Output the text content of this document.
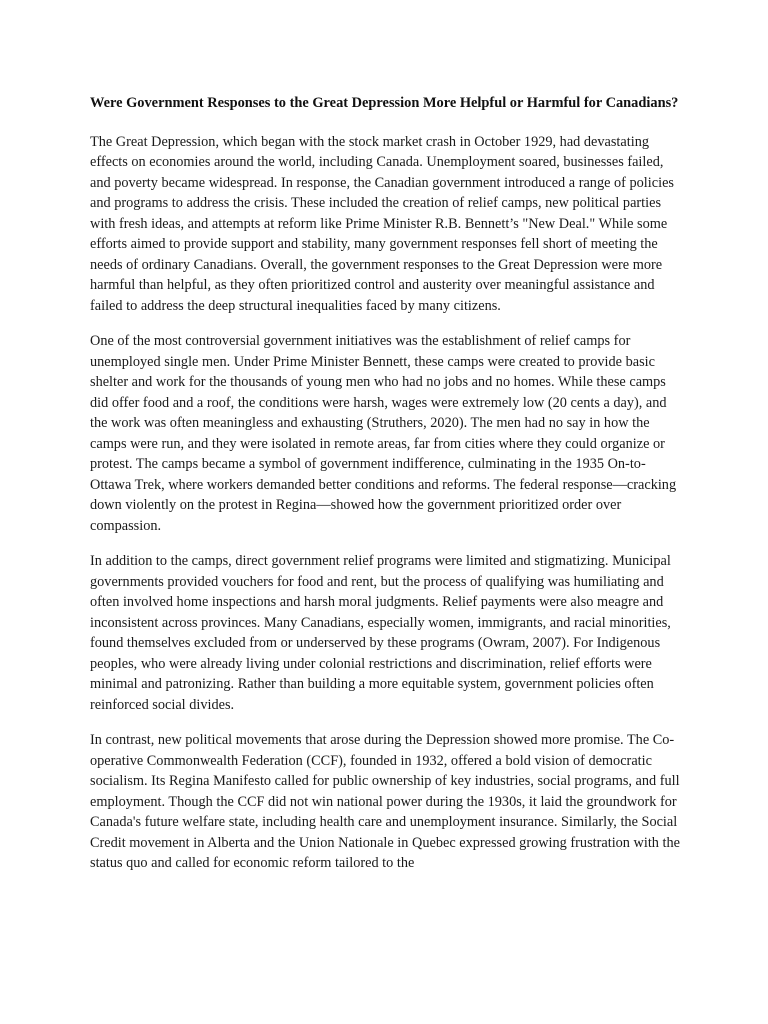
Were Government Responses to the Great Depression More Helpful or Harmful for Canadians?

The Great Depression, which began with the stock market crash in October 1929, had devastating effects on economies around the world, including Canada. Unemployment soared, businesses failed, and poverty became widespread. In response, the Canadian government introduced a range of policies and programs to address the crisis. These included the creation of relief camps, new political parties with fresh ideas, and attempts at reform like Prime Minister R.B. Bennett’s "New Deal." While some efforts aimed to provide support and stability, many government responses fell short of meeting the needs of ordinary Canadians. Overall, the government responses to the Great Depression were more harmful than helpful, as they often prioritized control and austerity over meaningful assistance and failed to address the deep structural inequalities faced by many citizens.

One of the most controversial government initiatives was the establishment of relief camps for unemployed single men. Under Prime Minister Bennett, these camps were created to provide basic shelter and work for the thousands of young men who had no jobs and no homes. While these camps did offer food and a roof, the conditions were harsh, wages were extremely low (20 cents a day), and the work was often meaningless and exhausting (Struthers, 2020). The men had no say in how the camps were run, and they were isolated in remote areas, far from cities where they could organize or protest. The camps became a symbol of government indifference, culminating in the 1935 On-to-Ottawa Trek, where workers demanded better conditions and reforms. The federal response—cracking down violently on the protest in Regina—showed how the government prioritized order over compassion.

In addition to the camps, direct government relief programs were limited and stigmatizing. Municipal governments provided vouchers for food and rent, but the process of qualifying was humiliating and often involved home inspections and harsh moral judgments. Relief payments were also meagre and inconsistent across provinces. Many Canadians, especially women, immigrants, and racial minorities, found themselves excluded from or underserved by these programs (Owram, 2007). For Indigenous peoples, who were already living under colonial restrictions and discrimination, relief efforts were minimal and patronizing. Rather than building a more equitable system, government policies often reinforced social divides.

In contrast, new political movements that arose during the Depression showed more promise. The Co-operative Commonwealth Federation (CCF), founded in 1932, offered a bold vision of democratic socialism. Its Regina Manifesto called for public ownership of key industries, social programs, and full employment. Though the CCF did not win national power during the 1930s, it laid the groundwork for Canada's future welfare state, including health care and unemployment insurance. Similarly, the Social Credit movement in Alberta and the Union Nationale in Quebec expressed growing frustration with the status quo and called for economic reform tailored to the
